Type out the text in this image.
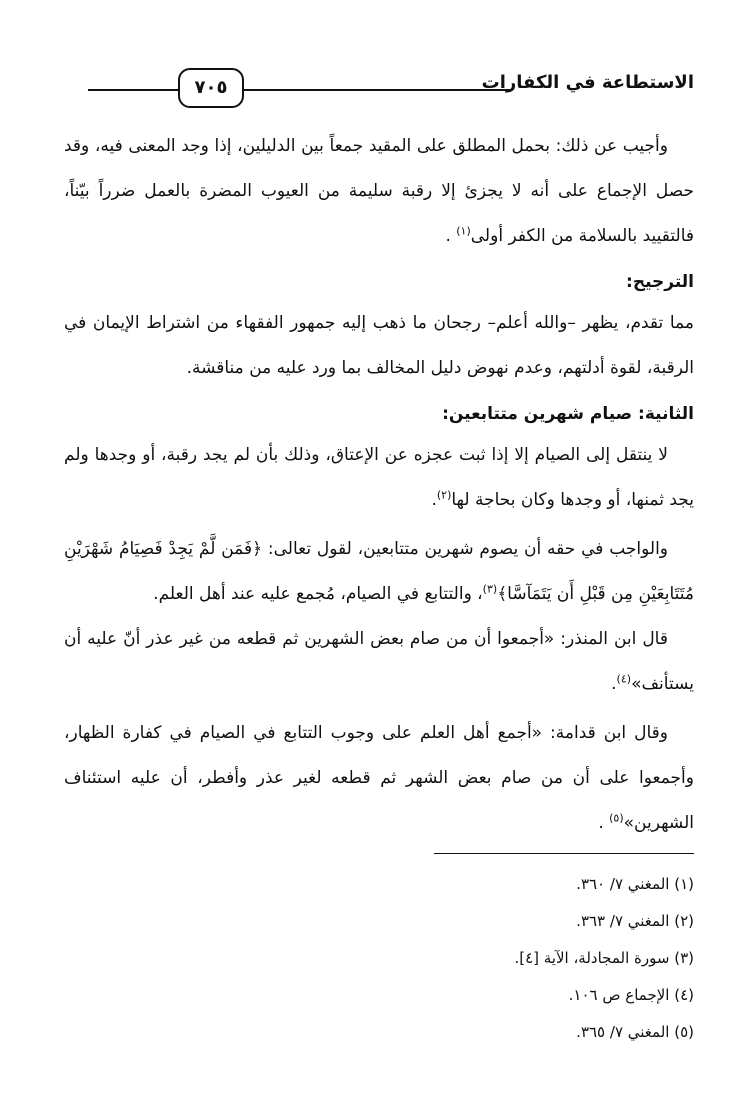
الاستطاعة في الكفارات
٧٠٥

وأجيب عن ذلك: بحمل المطلق على المقيد جمعاً بين الدليلين، إذا وجد المعنى فيه، وقد حصل الإجماع على أنه لا يجزئ إلا رقبة سليمة من العيوب المضرة بالعمل ضرراً بيّناً، فالتقييد بالسلامة من الكفر أولى$^{(١)}$ .

الترجيح:

مما تقدم، يظهر –والله أعلم– رجحان ما ذهب إليه جمهور الفقهاء من اشتراط الإيمان في الرقبة، لقوة أدلتهم، وعدم نهوض دليل المخالف بما ورد عليه من مناقشة.

الثانية: صيام شهرين متتابعين:

لا ينتقل إلى الصيام إلا إذا ثبت عجزه عن الإعتاق، وذلك بأن لم يجد رقبة، أو وجدها ولم يجد ثمنها، أو وجدها وكان بحاجة لها$^{(٢)}$.

والواجب في حقه أن يصوم شهرين متتابعين، لقول تعالى: ﴿فَمَن لَّمْ يَجِدْ فَصِيَامُ شَهْرَيْنِ مُتَتَابِعَيْنِ مِن قَبْلِ أَن يَتَمَآسَّا﴾$^{(٣)}$، والتتابع في الصيام، مُجمع عليه عند أهل العلم.

قال ابن المنذر: «أجمعوا أن من صام بعض الشهرين ثم قطعه من غير عذر أنّ عليه أن يستأنف»$^{(٤)}$.

وقال ابن قدامة: «أجمع أهل العلم على وجوب التتابع في الصيام في كفارة الظهار، وأجمعوا على أن من صام بعض الشهر ثم قطعه لغير عذر وأفطر، أن عليه استئناف الشهرين»$^{(٥)}$ .

(١) المغني ٧/ ٣٦٠.

(٢) المغني ٧/ ٣٦٣.

(٣) سورة المجادلة، الآية [٤].

(٤) الإجماع ص ١٠٦.

(٥) المغني ٧/ ٣٦٥.
